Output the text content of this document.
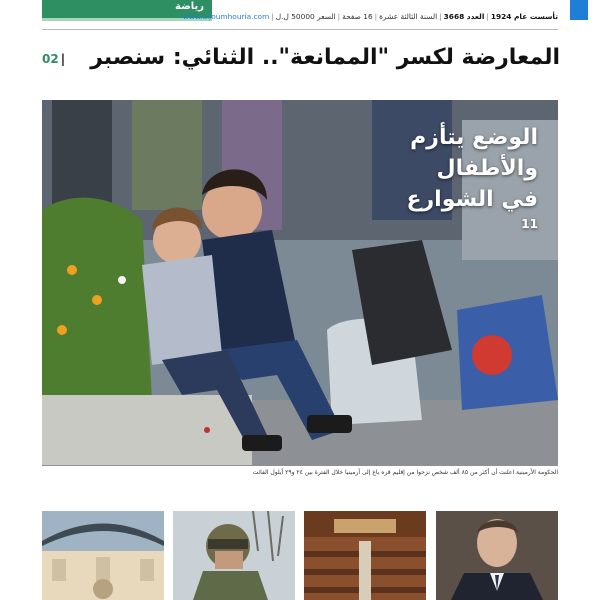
رياضة
تأسست عام 1924|العدد 3668|السنة الثالثة عشرة|16 صفحة|السعر 50000 ل.ل|www.aljoumhouria.com
المعارضة لكسر "الممانعة".. الثنائي: سنصبر
02 |
الوضع يتأزم
والأطفال
في الشوارع
11
الحكومة الأرمينية اعلنت أن أكثر من ٨٥ ألف شخص نزحوا من إقليم قره باغ إلى أرمينيا خلال الفترة بين ٢٤ و٢٩ أيلول الفائت
